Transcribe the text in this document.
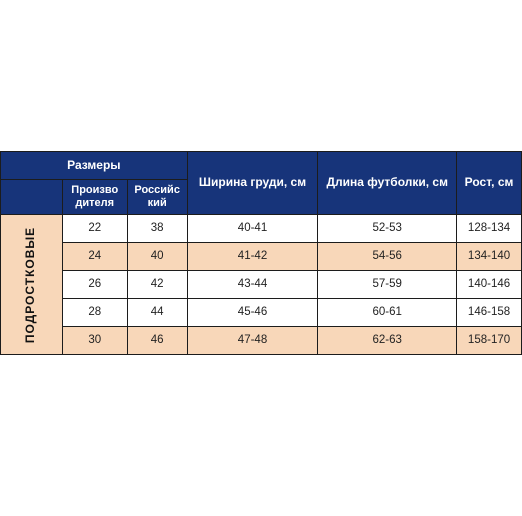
Размеры			Ширина груди, см	Длина футболки, см	Рост, см
	Произво дителя	Российс кий			

ПОДРОСТКОВЫЕ	22	38	40-41	52-53	128-134
	24	40	41-42	54-56	134-140
	26	42	43-44	57-59	140-146
	28	44	45-46	60-61	146-158
	30	46	47-48	62-63	158-170
